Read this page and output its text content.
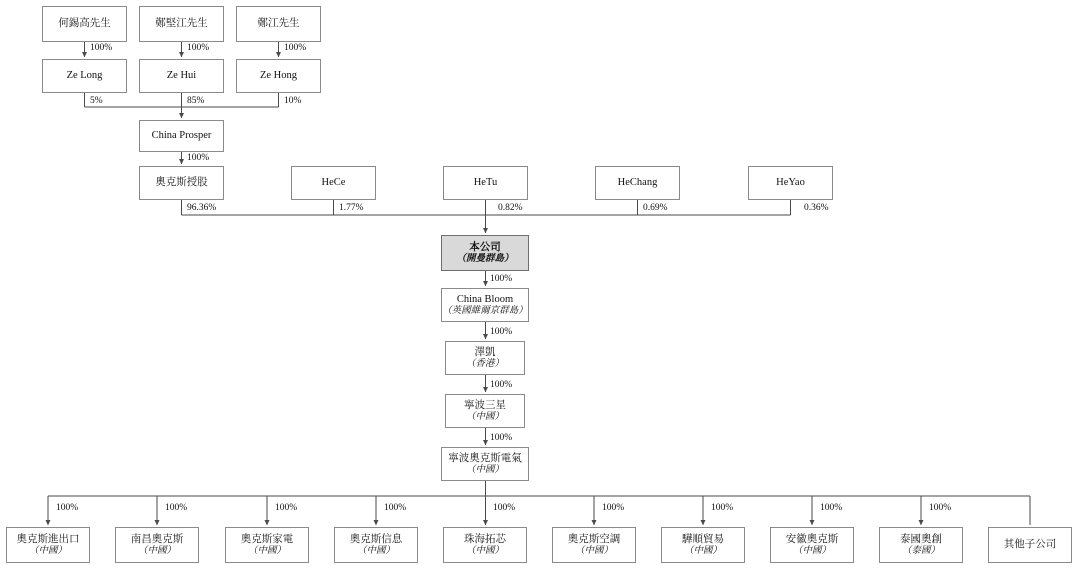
何錫高先生	鄭堅江先生	鄭江先生
Ze Long	Ze Hui	Ze Hong
China Prosper
奧克斯授股	HeCe	HeTu	HeChang	HeYao
本公司
（開曼群島）
China Bloom
（英國維爾京群島）
澤凱
（香港）
寧波三星
（中國）
寧波奧克斯電氣
（中國）
奧克斯進出口
（中國）
南昌奧克斯
（中國）
奧克斯家電
（中國）
奧克斯信息
（中國）
珠海拓芯
（中國）
奧克斯空調
（中國）
驊順貿易
（中國）
安徽奧克斯
（中國）
泰國奧創
（泰國）
其他子公司
100%	100%	100%
5%	85%	10%
100%
96.36%	1.77%	0.82%	0.69%	0.36%
100%
100%
100%
100%
100%	100%	100%	100%	100%	100%	100%	100%	100%
